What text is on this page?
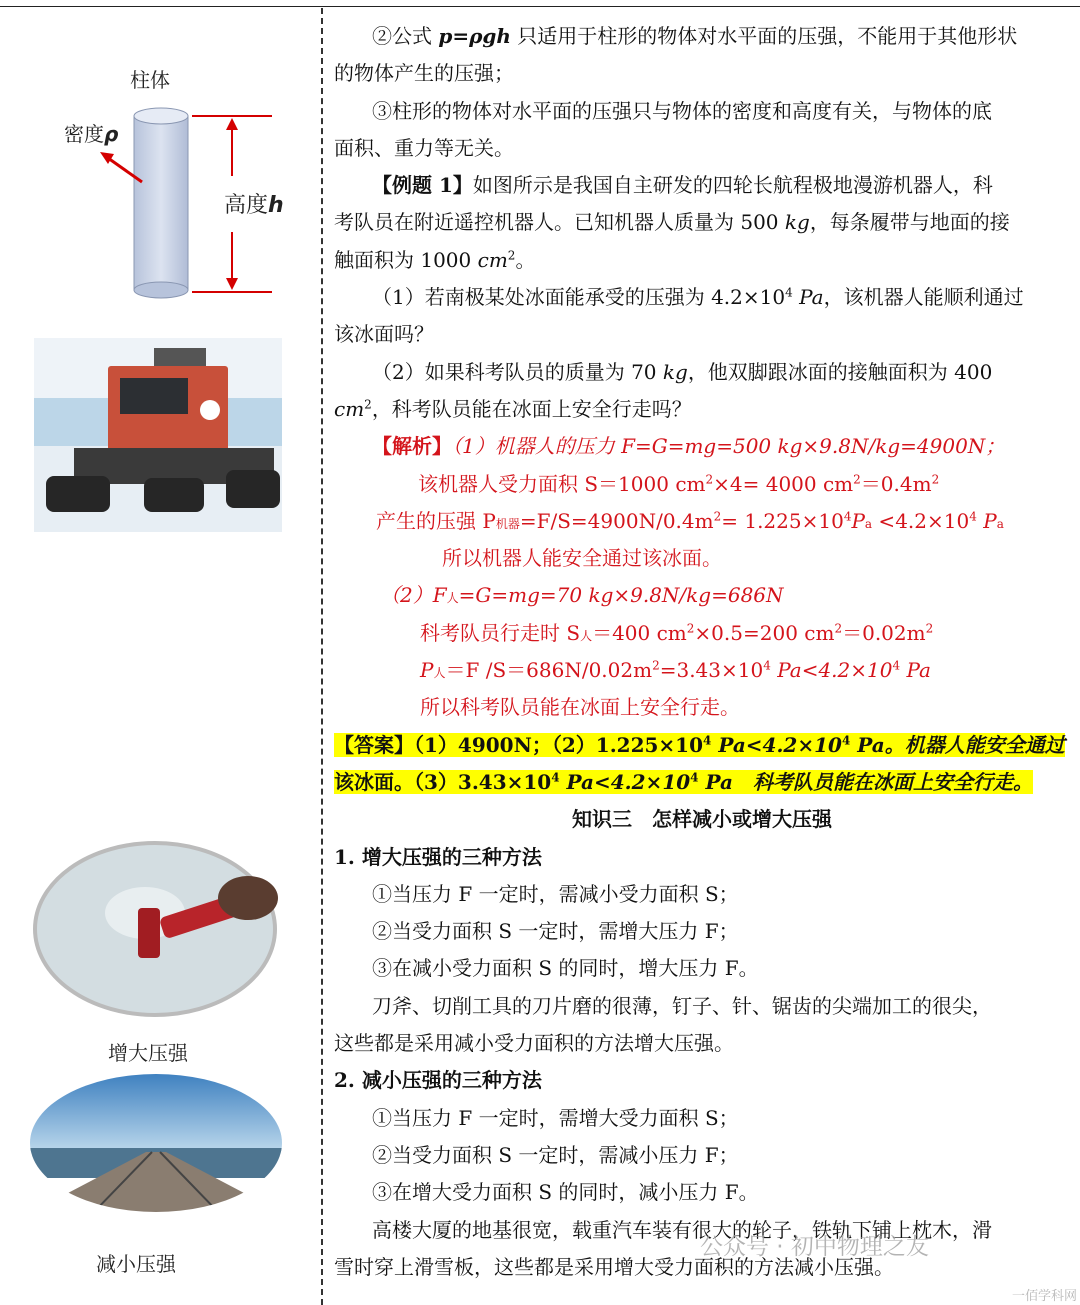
柱体
密度ρ
高度h
增大压强
减小压强
②公式 p=ρgh 只适用于柱形的物体对水平面的压强，不能用于其他形状
的物体产生的压强；
③柱形的物体对水平面的压强只与物体的密度和高度有关，与物体的底
面积、重力等无关。
【例题 1】如图所示是我国自主研发的四轮长航程极地漫游机器人，科
考队员在附近遥控机器人。已知机器人质量为 500 kg，每条履带与地面的接
触面积为 1000 $cm^2$。
（1）若南极某处冰面能承受的压强为 $4.2\times 10^4$ Pa，该机器人能顺利通过
该冰面吗？
（2）如果科考队员的质量为 70 kg，他双脚跟冰面的接触面积为 400
$cm^2$，科考队员能在冰面上安全行走吗？
【解析】（1）机器人的压力 F=G=mg=500 kg×9.8N/kg=4900N；
该机器人受力面积 S＝1000 $cm^2\times 4= 4000$ $cm^2=0.4m^2$
产生的压强 P机器$=F/S=4900N/0.4m^2= 1.225\times 10^4Pa <4.2\times 10^4$ Pa
所以机器人能安全通过该冰面。
（2）F人=G=mg=70 kg×9.8N/kg=686N
科考队员行走时 S人＝400 $cm^2\times 0.5=200$ $cm^2=0.02m^2$
P人＝F $/S=686N/0.02m^2=3.43\times 10^4$ $Pa<4.2\times 10^4$ Pa
所以科考队员能在冰面上安全行走。
【答案】（1）4900N；$(2)1.225\times 10^4$ $Pa<4.2\times 10^4$ Pa。机器人能安全通过
该冰面。$(3)3.43\times 10^4$ $Pa<4.2\times 10^4$ Pa　科考队员能在冰面上安全行走。
知识三　怎样减小或增大压强
1. 增大压强的三种方法
①当压力 F 一定时，需减小受力面积 S；
②当受力面积 S 一定时，需增大压力 F；
③在减小受力面积 S 的同时，增大压力 F。
刀斧、切削工具的刀片磨的很薄，钉子、针、锯齿的尖端加工的很尖，
这些都是采用减小受力面积的方法增大压强。
2. 减小压强的三种方法
①当压力 F 一定时，需增大受力面积 S；
②当受力面积 S 一定时，需减小压力 F；
③在增大受力面积 S 的同时，减小压力 F。
高楼大厦的地基很宽，载重汽车装有很大的轮子，铁轨下铺上枕木，滑
雪时穿上滑雪板，这些都是采用增大受力面积的方法减小压强。
公众号 · 初中物理之友
一佰学科网
